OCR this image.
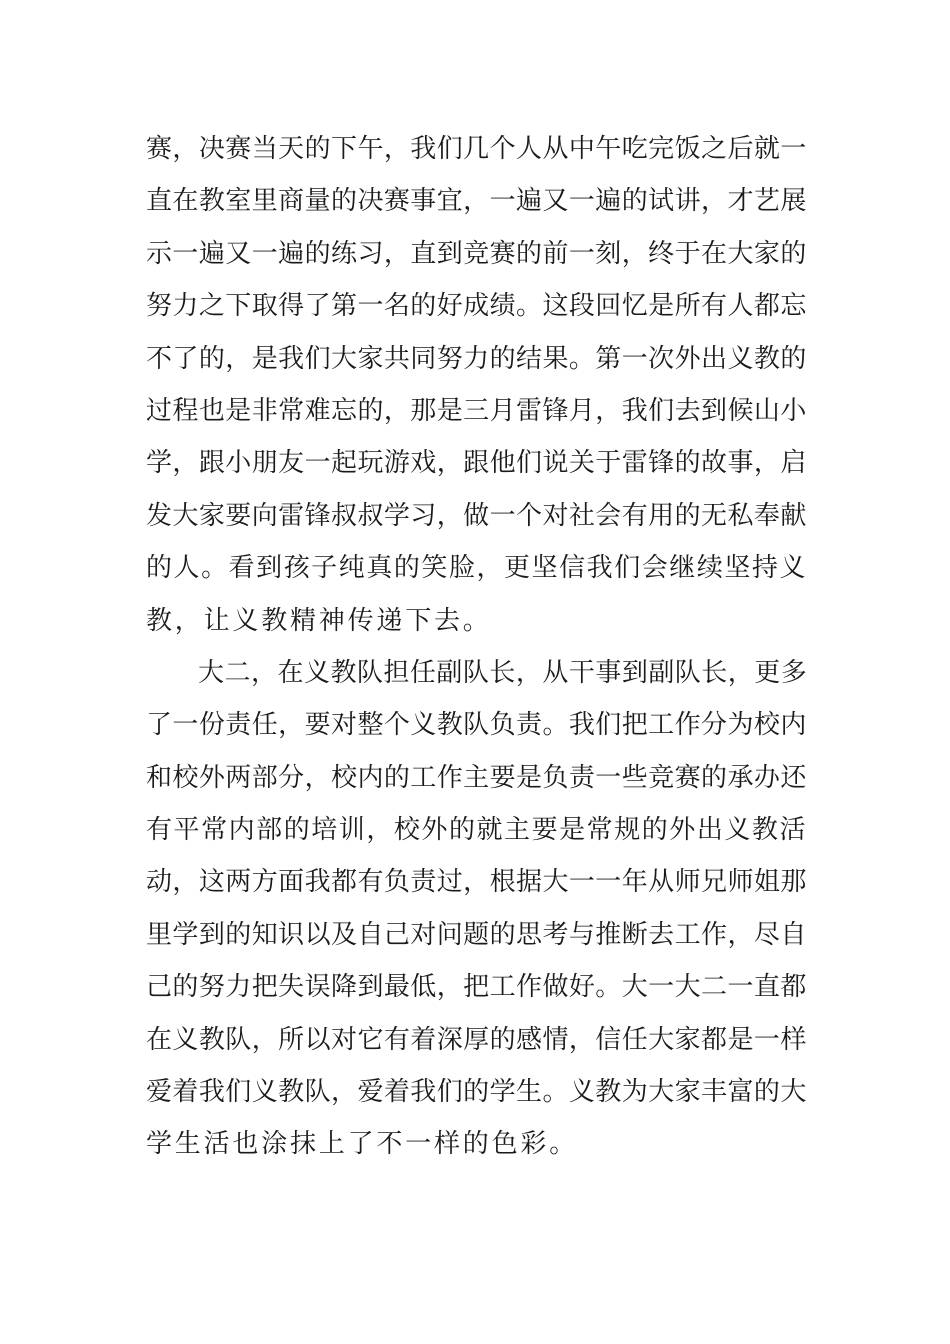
赛，决赛当天的下午，我们几个人从中午吃完饭之后就一
直在教室里商量的决赛事宜，一遍又一遍的试讲，才艺展
示一遍又一遍的练习，直到竞赛的前一刻，终于在大家的
努力之下取得了第一名的好成绩。这段回忆是所有人都忘
不了的，是我们大家共同努力的结果。第一次外出义教的
过程也是非常难忘的，那是三月雷锋月，我们去到候山小
学，跟小朋友一起玩游戏，跟他们说关于雷锋的故事，启
发大家要向雷锋叔叔学习，做一个对社会有用的无私奉献
的人。看到孩子纯真的笑脸，更坚信我们会继续坚持义
教，让义教精神传递下去。
大二，在义教队担任副队长，从干事到副队长，更多
了一份责任，要对整个义教队负责。我们把工作分为校内
和校外两部分，校内的工作主要是负责一些竞赛的承办还
有平常内部的培训，校外的就主要是常规的外出义教活
动，这两方面我都有负责过，根据大一一年从师兄师姐那
里学到的知识以及自己对问题的思考与推断去工作，尽自
己的努力把失误降到最低，把工作做好。大一大二一直都
在义教队，所以对它有着深厚的感情，信任大家都是一样
爱着我们义教队，爱着我们的学生。义教为大家丰富的大
学生活也涂抹上了不一样的色彩。
